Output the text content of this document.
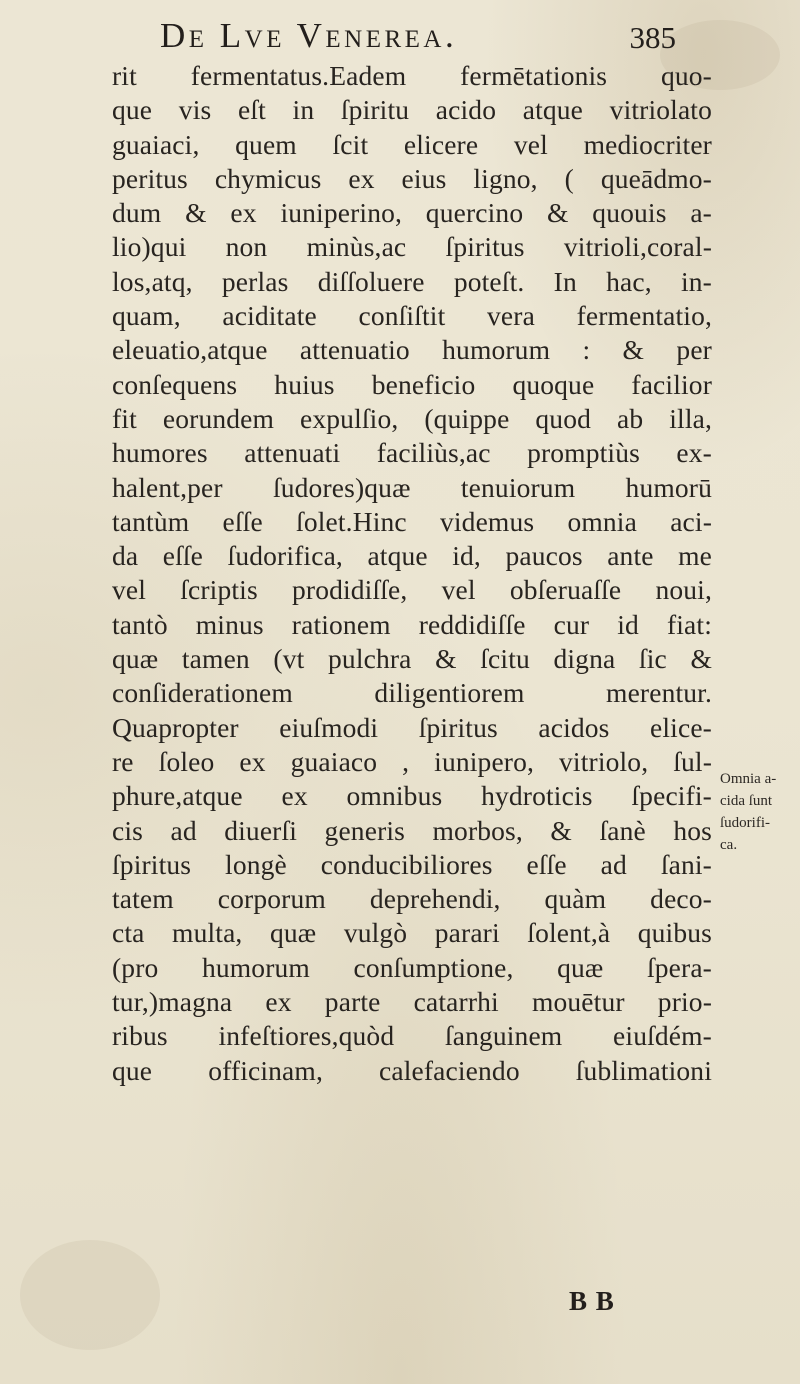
De Lve Venerea.	385
rit fermentatus.Eadem fermētationis quo-
que vis eſt in ſpiritu acido atque vitriolato
guaiaci, quem ſcit elicere vel mediocriter
peritus chymicus ex eius ligno, ( queādmo-
dum & ex iuniperino, quercino & quouis a-
lio)qui non minùs,ac ſpiritus vitrioli,coral-
los,atq, perlas diſſoluere poteſt. In hac, in-
quam, aciditate conſiſtit vera fermentatio,
eleuatio,atque attenuatio humorum : & per
conſequens huius beneficio quoque facilior
fit eorundem expulſio, (quippe quod ab illa,
humores attenuati faciliùs,ac promptiùs ex-
halent,per ſudores)quæ tenuiorum humorū
tantùm eſſe ſolet.Hinc videmus omnia aci-
da eſſe ſudorifica, atque id, paucos ante me
vel ſcriptis prodidiſſe, vel obſeruaſſe noui,
tantò minus rationem reddidiſſe cur id fiat:
quæ tamen (vt pulchra & ſcitu digna ſic &
conſiderationem diligentiorem merentur.
Quapropter eiuſmodi ſpiritus acidos elice-
re ſoleo ex guaiaco , iunipero, vitriolo, ſul-
phure,atque ex omnibus hydroticis ſpecifi-
cis ad diuerſi generis morbos, & ſanè hos
ſpiritus longè conducibiliores eſſe ad ſani-
tatem corporum deprehendi, quàm deco-
cta multa, quæ vulgò parari ſolent,à quibus
(pro humorum conſumptione, quæ ſpera-
tur,)magna ex parte catarrhi mouētur prio-
ribus infeſtiores,quòd ſanguinem eiuſdém-
que officinam, calefaciendo ſublimationi
Omnia a-
cida ſunt
ſudorifi-
ca.
B B
